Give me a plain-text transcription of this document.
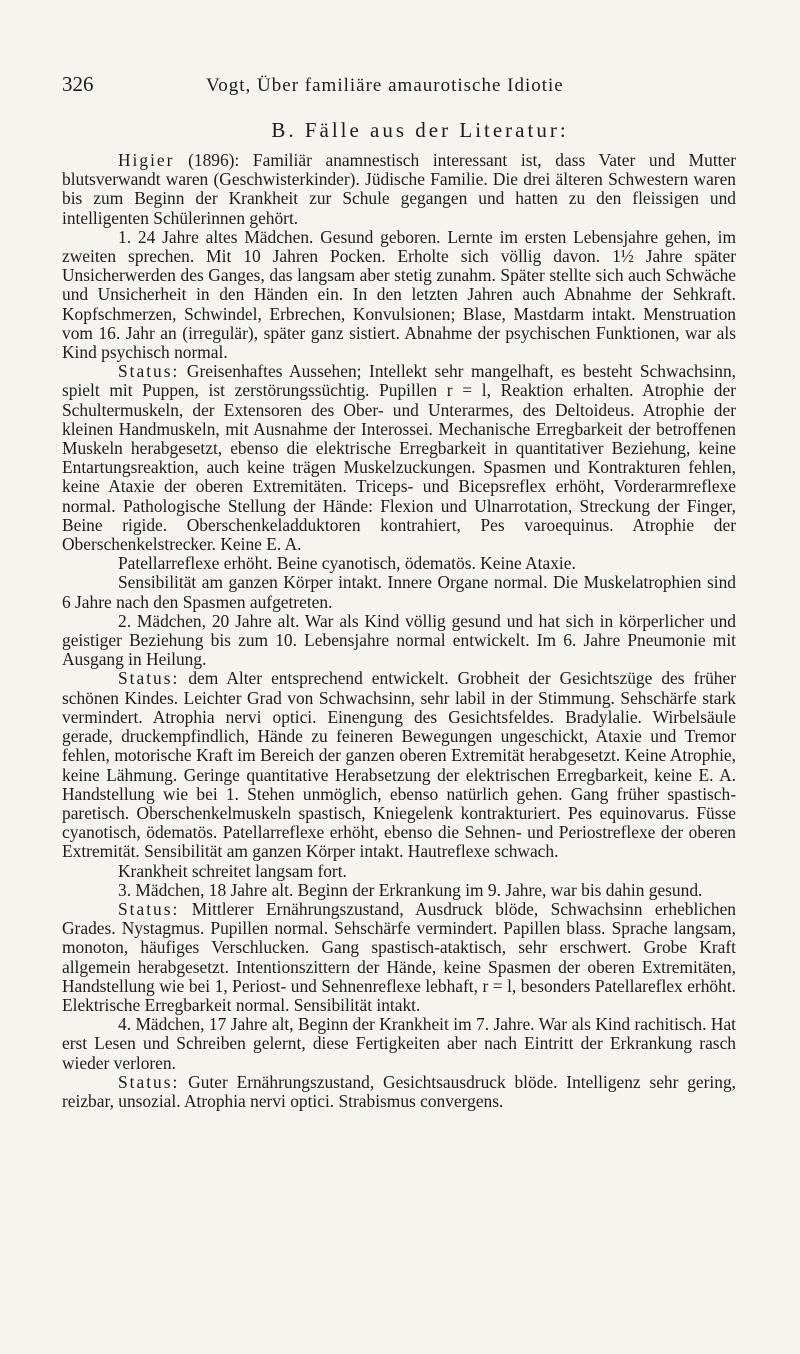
326	Vogt, Über familiäre amaurotische Idiotie
B. Fälle aus der Literatur:

Higier (1896): Familiär anamnestisch interessant ist, dass Vater und Mutter blutsverwandt waren (Geschwisterkinder). Jüdische Familie. Die drei älteren Schwestern waren bis zum Beginn der Krankheit zur Schule gegangen und hatten zu den fleissigen und intelligenten Schülerinnen gehört.

1. 24 Jahre altes Mädchen. Gesund geboren. Lernte im ersten Lebensjahre gehen, im zweiten sprechen. Mit 10 Jahren Pocken. Erholte sich völlig davon. 1½ Jahre später Unsicherwerden des Ganges, das langsam aber stetig zunahm. Später stellte sich auch Schwäche und Unsicherheit in den Händen ein. In den letzten Jahren auch Abnahme der Sehkraft. Kopfschmerzen, Schwindel, Erbrechen, Konvulsionen; Blase, Mastdarm intakt. Menstruation vom 16. Jahr an (irregulär), später ganz sistiert. Abnahme der psychischen Funktionen, war als Kind psychisch normal.

Status: Greisenhaftes Aussehen; Intellekt sehr mangelhaft, es besteht Schwachsinn, spielt mit Puppen, ist zerstörungssüchtig. Pupillen r = l, Reaktion erhalten. Atrophie der Schultermuskeln, der Extensoren des Ober- und Unterarmes, des Deltoideus. Atrophie der kleinen Handmuskeln, mit Ausnahme der Interossei. Mechanische Erregbarkeit der betroffenen Muskeln herabgesetzt, ebenso die elektrische Erregbarkeit in quantitativer Beziehung, keine Entartungsreaktion, auch keine trägen Muskelzuckungen. Spasmen und Kontrakturen fehlen, keine Ataxie der oberen Extremitäten. Triceps- und Bicepsreflex erhöht, Vorderarmreflexe normal. Pathologische Stellung der Hände: Flexion und Ulnarrotation, Streckung der Finger, Beine rigide. Oberschenkeladduktoren kontrahiert, Pes varoequinus. Atrophie der Oberschenkelstrecker. Keine E. A.

Patellarreflexe erhöht. Beine cyanotisch, ödematös. Keine Ataxie.

Sensibilität am ganzen Körper intakt. Innere Organe normal. Die Muskelatrophien sind 6 Jahre nach den Spasmen aufgetreten.

2. Mädchen, 20 Jahre alt. War als Kind völlig gesund und hat sich in körperlicher und geistiger Beziehung bis zum 10. Lebensjahre normal entwickelt. Im 6. Jahre Pneumonie mit Ausgang in Heilung.

Status: dem Alter entsprechend entwickelt. Grobheit der Gesichtszüge des früher schönen Kindes. Leichter Grad von Schwachsinn, sehr labil in der Stimmung. Sehschärfe stark vermindert. Atrophia nervi optici. Einengung des Gesichtsfeldes. Bradylalie. Wirbelsäule gerade, druckempfindlich, Hände zu feineren Bewegungen ungeschickt, Ataxie und Tremor fehlen, motorische Kraft im Bereich der ganzen oberen Extremität herabgesetzt. Keine Atrophie, keine Lähmung. Geringe quantitative Herabsetzung der elektrischen Erregbarkeit, keine E. A. Handstellung wie bei 1. Stehen unmöglich, ebenso natürlich gehen. Gang früher spastisch-paretisch. Oberschenkelmuskeln spastisch, Kniegelenk kontrakturiert. Pes equinovarus. Füsse cyanotisch, ödematös. Patellarreflexe erhöht, ebenso die Sehnen- und Periostreflexe der oberen Extremität. Sensibilität am ganzen Körper intakt. Hautreflexe schwach.

Krankheit schreitet langsam fort.

3. Mädchen, 18 Jahre alt. Beginn der Erkrankung im 9. Jahre, war bis dahin gesund.

Status: Mittlerer Ernährungszustand, Ausdruck blöde, Schwachsinn erheblichen Grades. Nystagmus. Pupillen normal. Sehschärfe vermindert. Papillen blass. Sprache langsam, monoton, häufiges Verschlucken. Gang spastisch-ataktisch, sehr erschwert. Grobe Kraft allgemein herabgesetzt. Intentionszittern der Hände, keine Spasmen der oberen Extremitäten, Handstellung wie bei 1, Periost- und Sehnenreflexe lebhaft, r = l, besonders Patellareflex erhöht. Elektrische Erregbarkeit normal. Sensibilität intakt.

4. Mädchen, 17 Jahre alt, Beginn der Krankheit im 7. Jahre. War als Kind rachitisch. Hat erst Lesen und Schreiben gelernt, diese Fertigkeiten aber nach Eintritt der Erkrankung rasch wieder verloren.

Status: Guter Ernährungszustand, Gesichtsausdruck blöde. Intelligenz sehr gering, reizbar, unsozial. Atrophia nervi optici. Strabismus convergens.
